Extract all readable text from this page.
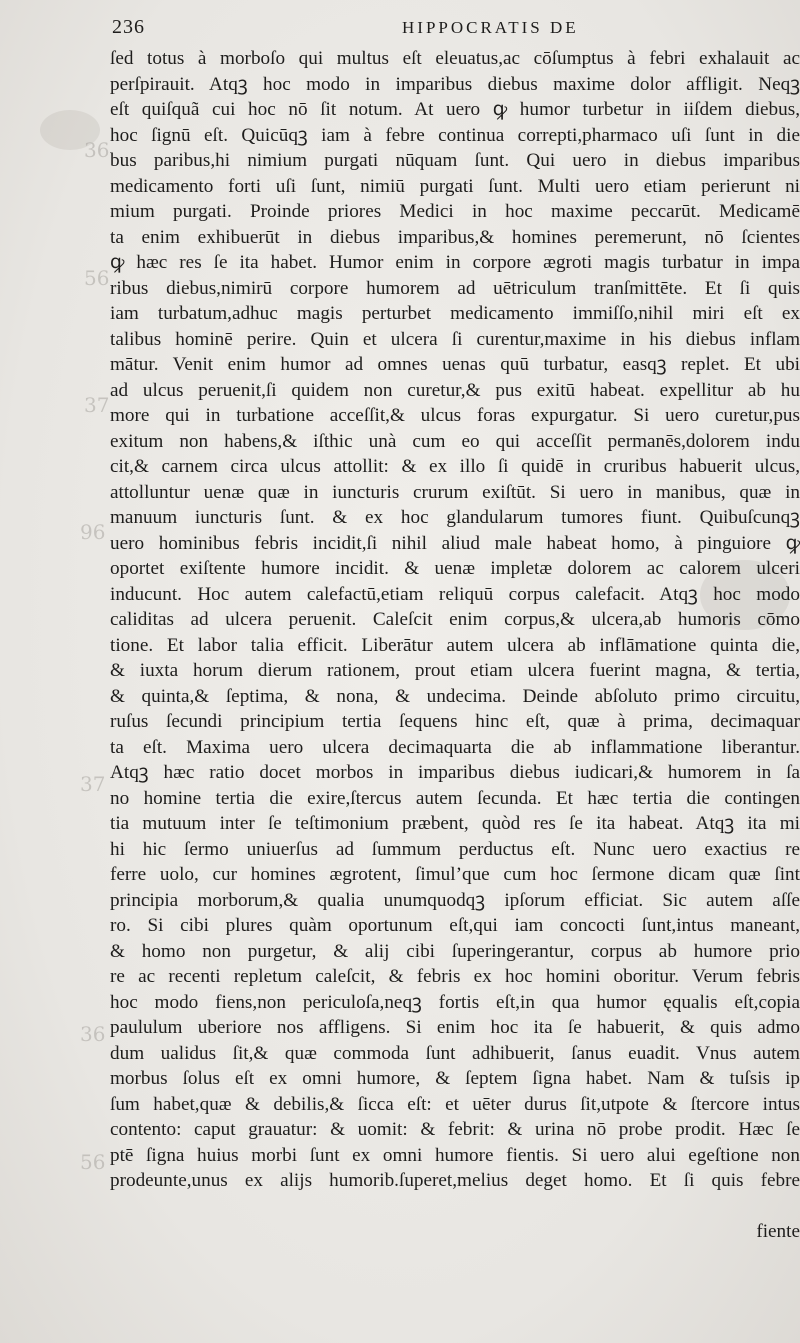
36
56
37
96
37
36
56
236	HIPPOCRATIS DE
ſed totus à morboſo qui multus eſt eleuatus,ac cōſumptus à febri exhalauit ac
perſpirauit. Atqꝫ hoc modo in imparibus diebus maxime dolor affligit. Neqꝫ
eſt quiſquã cui hoc nō ſit notum. At uero ꝙ humor turbetur in iiſdem diebus,
hoc ſignū eſt. Quicūqꝫ iam à febre continua correpti,pharmaco uſi ſunt in die
bus paribus,hi nimium purgati nūquam ſunt. Qui uero in diebus imparibus
medicamento forti uſi ſunt, nimiū purgati ſunt. Multi uero etiam perierunt ni
mium purgati. Proinde priores Medici in hoc maxime peccarūt. Medicamē
ta enim exhibuerūt in diebus imparibus,& homines peremerunt, nō ſcientes
ꝙ hæc res ſe ita habet. Humor enim in corpore ægroti magis turbatur in impa
ribus diebus,nimirū corpore humorem ad uētriculum tranſmittēte. Et ſi quis
iam turbatum,adhuc magis perturbet medicamento immiſſo,nihil miri eſt ex
talibus hominē perire. Quin et ulcera ſi curentur,maxime in his diebus inflam
mātur. Venit enim humor ad omnes uenas quū turbatur, easqꝫ replet. Et ubi
ad ulcus peruenit,ſi quidem non curetur,& pus exitū habeat. expellitur ab hu
more qui in turbatione acceſſit,& ulcus foras expurgatur. Si uero curetur,pus
exitum non habens,& iſthic unà cum eo qui acceſſit permanēs,dolorem indu
cit,& carnem circa ulcus attollit: & ex illo ſi quidē in cruribus habuerit ulcus,
attolluntur uenæ quæ in iuncturis crurum exiſtūt. Si uero in manibus, quæ in
manuum iuncturis ſunt. & ex hoc glandularum tumores fiunt. Quibuſcunqꝫ
uero hominibus febris incidit,ſi nihil aliud male habeat homo, à pinguiore ꝙ
oportet exiſtente humore incidit. & uenæ impletæ dolorem ac calorem ulceri
inducunt. Hoc autem calefactū,etiam reliquū corpus calefacit. Atqꝫ hoc modo
caliditas ad ulcera peruenit. Caleſcit enim corpus,& ulcera,ab humoris cōmo
tione. Et labor talia efficit. Liberātur autem ulcera ab inflāmatione quinta die,
& iuxta horum dierum rationem, prout etiam ulcera fuerint magna, & tertia,
& quinta,& ſeptima, & nona, & undecima. Deinde abſoluto primo circuitu,
ruſus ſecundi principium tertia ſequens hinc eſt, quæ à prima, decimaquar
ta eſt. Maxima uero ulcera decimaquarta die ab inflammatione liberantur.
Atqꝫ hæc ratio docet morbos in imparibus diebus iudicari,& humorem in ſa
no homine tertia die exire,ſtercus autem ſecunda. Et hæc tertia die contingen
tia mutuum inter ſe teſtimonium præbent, quòd res ſe ita habeat. Atqꝫ ita mi
hi hic ſermo uniuerſus ad ſummum perductus eſt. Nunc uero exactius re
ferre uolo, cur homines ægrotent, ſimul’que cum hoc ſermone dicam quæ ſint
principia morborum,& qualia unumquodqꝫ ipſorum efficiat. Sic autem aſſe
ro. Si cibi plures quàm oportunum eſt,qui iam concocti ſunt,intus maneant,
& homo non purgetur, & alij cibi ſuperingerantur, corpus ab humore prio
re ac recenti repletum caleſcit, & febris ex hoc homini oboritur. Verum febris
hoc modo fiens,non periculoſa,neqꝫ fortis eſt,in qua humor ęqualis eſt,copia
paululum uberiore nos affligens. Si enim hoc ita ſe habuerit, & quis admo
dum ualidus ſit,& quæ commoda ſunt adhibuerit, ſanus euadit. Vnus autem
morbus ſolus eſt ex omni humore, & ſeptem ſigna habet. Nam & tuſsis ip
ſum habet,quæ & debilis,& ſicca eſt: et uēter durus ſit,utpote & ſtercore intus
contento: caput grauatur: & uomit: & febrit: & urina nō probe prodit. Hæc ſe
ptē ſigna huius morbi ſunt ex omni humore fientis. Si uero alui egeſtione non
prodeunte,unus ex alijs humorib.ſuperet,melius deget homo. Et ſi quis febre
fiente
